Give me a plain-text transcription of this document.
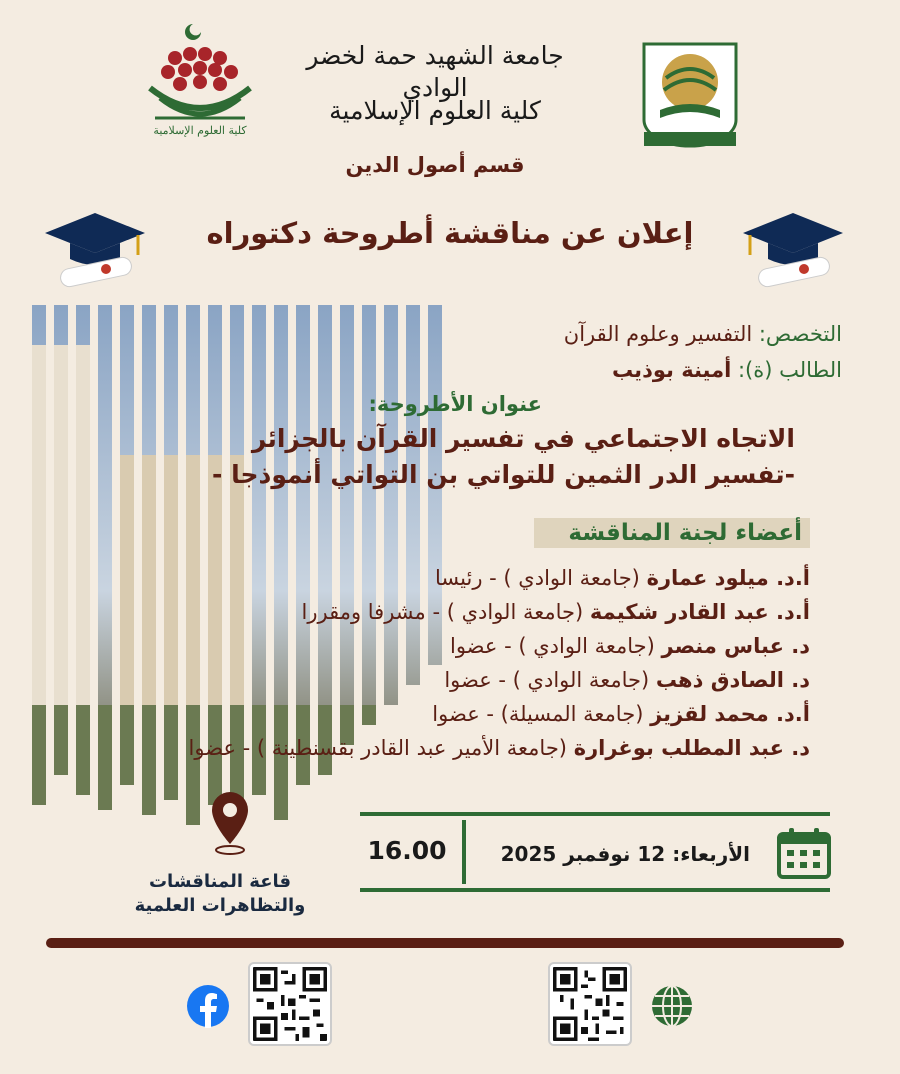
كلية العلوم الإسلامية
جامعة الشهيد حمة لخضر الوادي
كلية العلوم الإسلامية
قسم أصول الدين
إعلان عن مناقشة أطروحة دكتوراه
التخصص: التفسير وعلوم القرآن
الطالب (ة): أمينة بوذيب
عنوان الأطروحة:
الاتجاه الاجتماعي في تفسير القرآن بالجزائر
-تفسير الدر الثمين للتواتي بن التواتي أنموذجا -
أعضاء لجنة المناقشة
أ.د. ميلود عمارة (جامعة الوادي ) - رئيسا
أ.د. عبد القادر شكيمة (جامعة الوادي ) - مشرفا ومقررا
د. عباس منصر (جامعة الوادي ) - عضوا
د. الصادق ذهب (جامعة الوادي ) - عضوا
أ.د. محمد لقزيز (جامعة المسيلة) - عضوا
د. عبد المطلب بوغرارة (جامعة الأمير عبد القادر بقسنطينة ) - عضوا
الأربعاء: 12 نوفمبر 2025
16.00
قاعة المناقشات
والتظاهرات العلمية
